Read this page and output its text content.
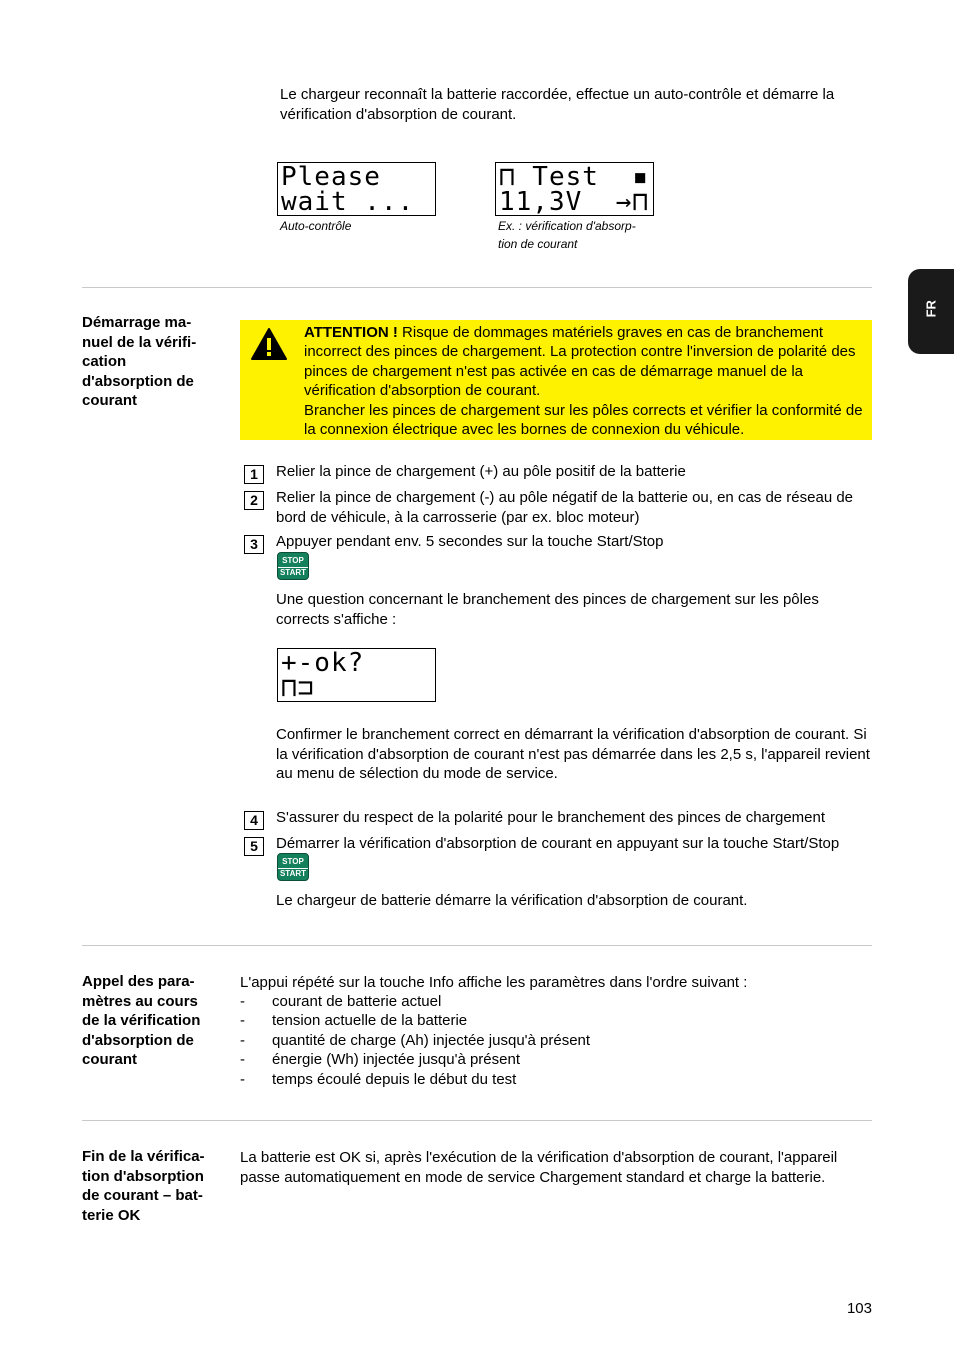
Le chargeur reconnaît la batterie raccordée, effectue un auto-contrôle et démarre la vérification d'absorption de courant.
Please
wait ...
Auto-contrôle
⊓ Test  ▪
11,3V  →⊓
Ex. : vérification d'absorp-
tion de courant
FR
Démarrage ma-
nuel de la vérifi-
cation
d'absorption de
courant
ATTENTION ! Risque de dommages matériels graves en cas de branchement incorrect des pinces de chargement. La protection contre l'inversion de polarité des pinces de chargement n'est pas activée en cas de démarrage manuel de la vérification d'absorption de courant.
Brancher les pinces de chargement sur les pôles corrects et vérifier la conformité de la connexion électrique avec les bornes de connexion du véhicule.
1	Relier la pince de chargement (+) au pôle positif de la batterie
2	Relier la pince de chargement (-) au pôle négatif de la batterie ou, en cas de réseau de bord de véhicule, à la carrosserie (par ex. bloc moteur)
3	Appuyer pendant env. 5 secondes sur la touche Start/Stop
STOP
START
Une question concernant le branchement des pinces de chargement sur les pôles corrects s'affiche :
+-ok?
⊓⊐
Confirmer le branchement correct en démarrant la vérification d'absorption de courant. Si la vérification d'absorption de courant n'est pas démarrée dans les 2,5 s, l'appareil revient au menu de sélection du mode de service.
4	S'assurer du respect de la polarité pour le branchement des pinces de chargement
5	Démarrer la vérification d'absorption de courant en appuyant sur la touche Start/Stop
STOP
START
Le chargeur de batterie démarre la vérification d'absorption de courant.
Appel des para-
mètres au cours
de la vérification
d'absorption de
courant
L'appui répété sur la touche Info affiche les paramètres dans l'ordre suivant :
- courant de batterie actuel
- tension actuelle de la batterie
- quantité de charge (Ah) injectée jusqu'à présent
- énergie (Wh) injectée jusqu'à présent
- temps écoulé depuis le début du test
Fin de la vérifica-
tion d'absorption
de courant – bat-
terie OK
La batterie est OK si, après l'exécution de la vérification d'absorption de courant, l'appareil passe automatiquement en mode de service Chargement standard et charge la batterie.
103
